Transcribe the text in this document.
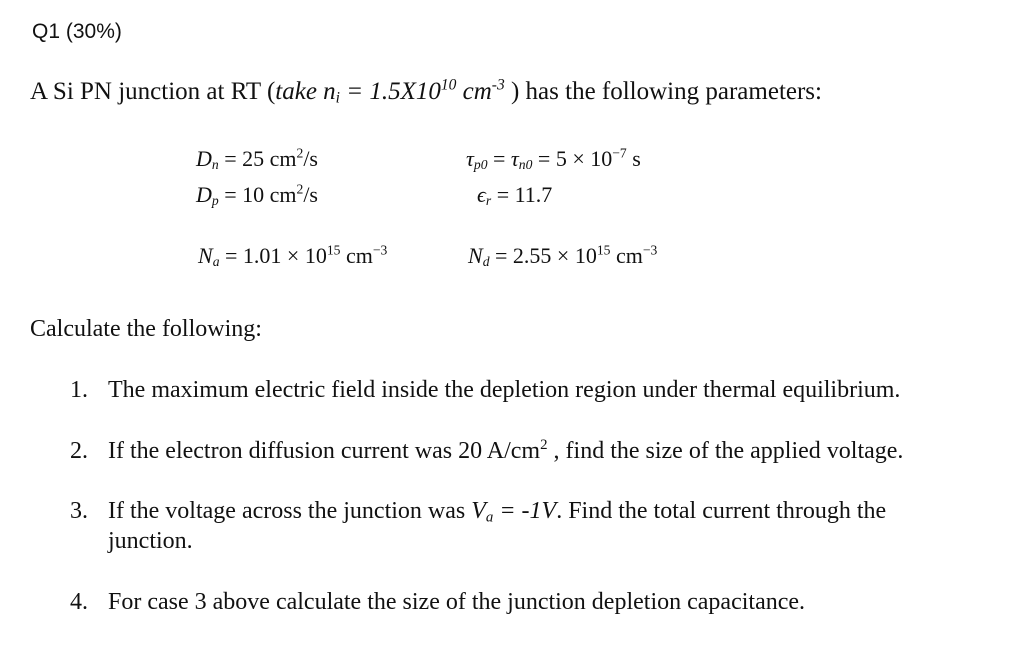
Q1 (30%)
A Si PN junction at RT (take $n_i = 1.5X10^{10}$ $cm^{-3}$ ) has the following parameters:
$D_n = 25$ $cm^2/s$
$D_p = 10$ $cm^2/s$
$\tau_{p0} = \tau_{n0} = 5 \times 10^{-7}$ s
$\epsilon_r = 11.7$
$N_a = 1.01 \times 10^{15}$ $cm^{-3}$	$N_d = 2.55 \times 10^{15}$ $cm^{-3}$
Calculate the following:
1. The maximum electric field inside the depletion region under thermal equilibrium.
2. If the electron diffusion current was 20 $A/cm^2$ , find the size of the applied voltage.
3. If the voltage across the junction was $V_a = -1V$. Find the total current through the
junction.
4. For case 3 above calculate the size of the junction depletion capacitance.
